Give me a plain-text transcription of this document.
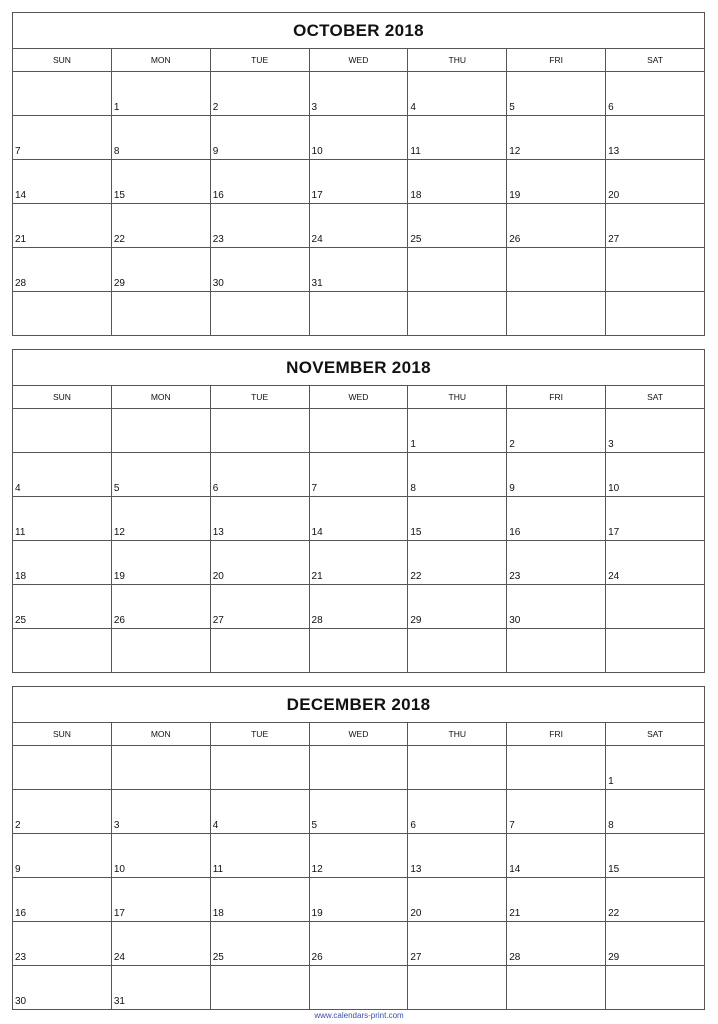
OCTOBER 2018
SUN	MON	TUE	WED	THU	FRI	SAT

	1	2	3	4	5	6

7	8	9	10	11	12	13

14	15	16	17	18	19	20

21	22	23	24	25	26	27

28	29	30	31			

NOVEMBER 2018
SUN	MON	TUE	WED	THU	FRI	SAT

				1	2	3

4	5	6	7	8	9	10

11	12	13	14	15	16	17

18	19	20	21	22	23	24

25	26	27	28	29	30	

DECEMBER 2018
SUN	MON	TUE	WED	THU	FRI	SAT

						1

2	3	4	5	6	7	8

9	10	11	12	13	14	15

16	17	18	19	20	21	22

23	24	25	26	27	28	29

30	31					

www.calendars-print.com
